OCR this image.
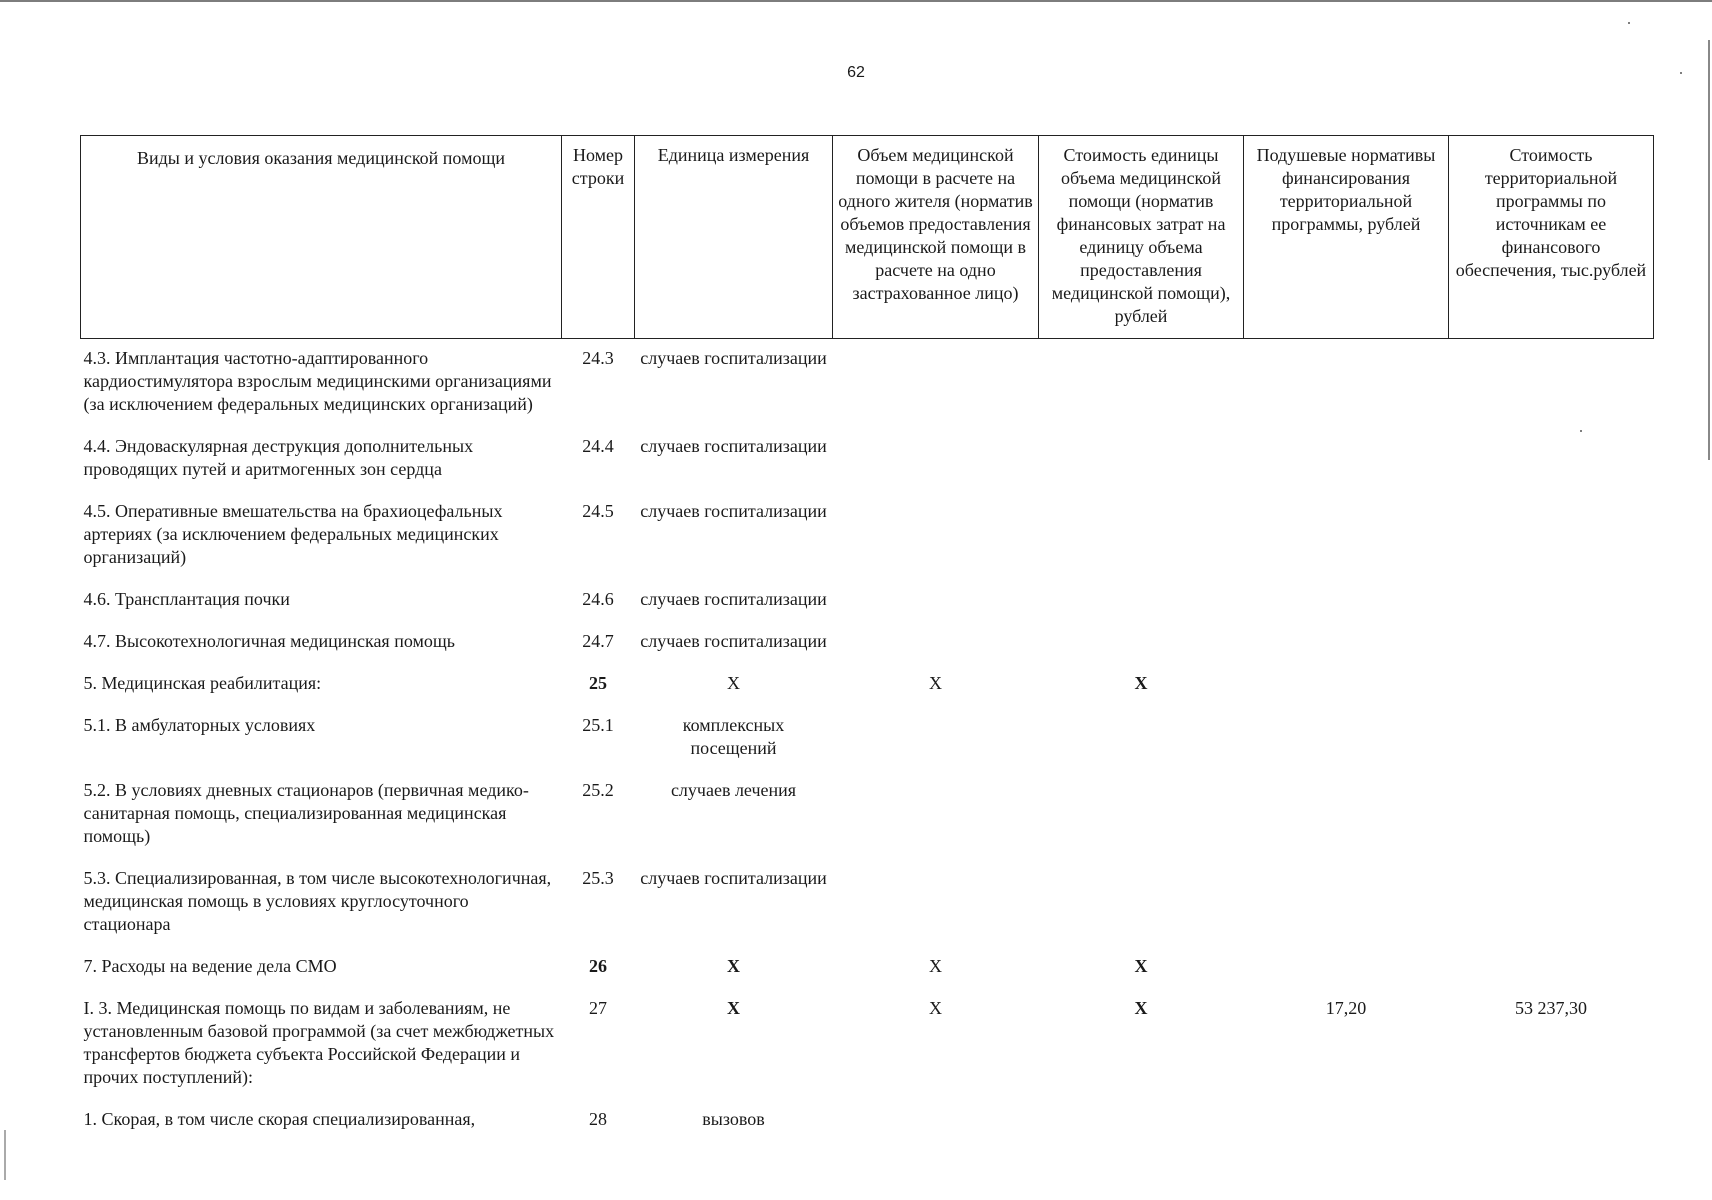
62
Виды и условия оказания медицинской помощи	Номер строки	Единица измерения	Объем медицинской помощи в расчете на одного жителя (норматив объемов предоставления медицинской помощи в расчете на одно застрахованное лицо)	Стоимость единицы объема медицинской помощи (норматив финансовых затрат на единицу объема предоставления медицинской помощи), рублей	Подушевые нормативы финансирования территориальной программы, рублей	Стоимость территориальной программы по источникам ее финансового обеспечения, тыс.рублей
4.3. Имплантация частотно-адаптированного кардиостимулятора взрослым медицинскими организациями (за исключением федеральных медицинских организаций)	24.3	случаев госпитализации				
4.4. Эндоваскулярная деструкция дополнительных проводящих путей и аритмогенных зон сердца	24.4	случаев госпитализации				
4.5. Оперативные вмешательства на брахиоцефальных артериях (за исключением федеральных медицинских организаций)	24.5	случаев госпитализации				
4.6. Трансплантация почки	24.6	случаев госпитализации				
4.7. Высокотехнологичная медицинская помощь	24.7	случаев госпитализации				
5. Медицинская реабилитация:	25	X	X	X		
5.1. В амбулаторных условиях	25.1	комплексных посещений				
5.2. В условиях дневных стационаров (первичная медико-санитарная помощь, специализированная медицинская помощь)	25.2	случаев лечения				
5.3. Специализированная, в том числе высокотехнологичная, медицинская помощь в условиях круглосуточного стационара	25.3	случаев госпитализации				
7. Расходы на ведение дела СМО	26	X	X	X		
I. 3. Медицинская помощь по видам и заболеваниям, не установленным базовой программой (за счет межбюджетных трансфертов бюджета субъекта Российской Федерации и прочих поступлений):	27	X	X	X	17,20	53 237,30
1. Скорая, в том числе скорая специализированная,	28	вызовов				
